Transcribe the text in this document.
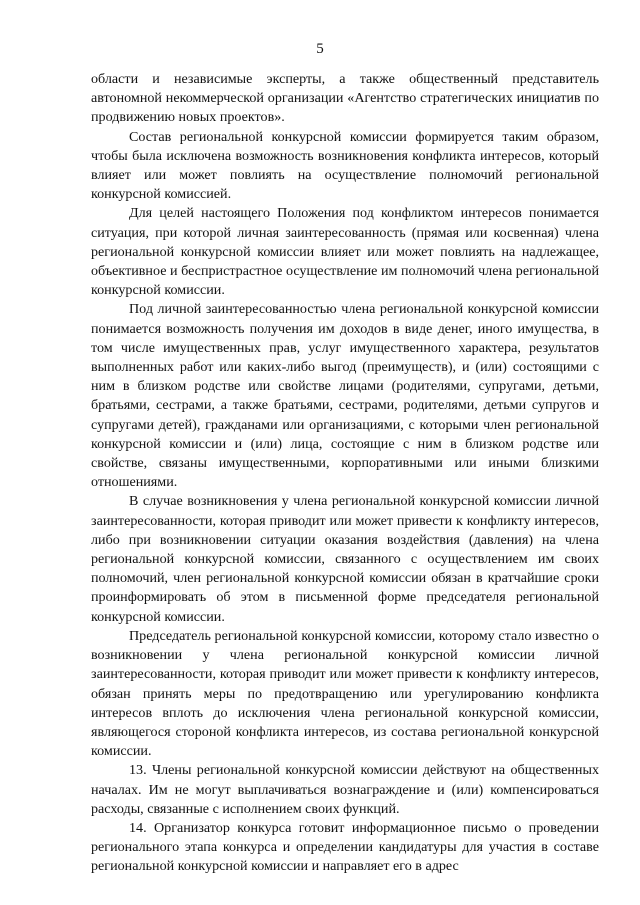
5

области и независимые эксперты, а также общественный представитель автономной некоммерческой организации «Агентство стратегических инициатив по продвижению новых проектов».

Состав региональной конкурсной комиссии формируется таким образом, чтобы была исключена возможность возникновения конфликта интересов, который влияет или может повлиять на осуществление полномочий региональной конкурсной комиссией.

Для целей настоящего Положения под конфликтом интересов понимается ситуация, при которой личная заинтересованность (прямая или косвенная) члена региональной конкурсной комиссии влияет или может повлиять на надлежащее, объективное и беспристрастное осуществление им полномочий члена региональной конкурсной комиссии.

Под личной заинтересованностью члена региональной конкурсной комиссии понимается возможность получения им доходов в виде денег, иного имущества, в том числе имущественных прав, услуг имущественного характера, результатов выполненных работ или каких-либо выгод (преимуществ), и (или) состоящими с ним в близком родстве или свойстве лицами (родителями, супругами, детьми, братьями, сестрами, а также братьями, сестрами, родителями, детьми супругов и супругами детей), гражданами или организациями, с которыми член региональной конкурсной комиссии и (или) лица, состоящие с ним в близком родстве или свойстве, связаны имущественными, корпоративными или иными близкими отношениями.

В случае возникновения у члена региональной конкурсной комиссии личной заинтересованности, которая приводит или может привести к конфликту интересов, либо при возникновении ситуации оказания воздействия (давления) на члена региональной конкурсной комиссии, связанного с осуществлением им своих полномочий, член региональной конкурсной комиссии обязан в кратчайшие сроки проинформировать об этом в письменной форме председателя региональной конкурсной комиссии.

Председатель региональной конкурсной комиссии, которому стало известно о возникновении у члена региональной конкурсной комиссии личной заинтересованности, которая приводит или может привести к конфликту интересов, обязан принять меры по предотвращению или урегулированию конфликта интересов вплоть до исключения члена региональной конкурсной комиссии, являющегося стороной конфликта интересов, из состава региональной конкурсной комиссии.

13. Члены региональной конкурсной комиссии действуют на общественных началах. Им не могут выплачиваться вознаграждение и (или) компенсироваться расходы, связанные с исполнением своих функций.

14. Организатор конкурса готовит информационное письмо о проведении регионального этапа конкурса и определении кандидатуры для участия в составе региональной конкурсной комиссии и направляет его в адрес
